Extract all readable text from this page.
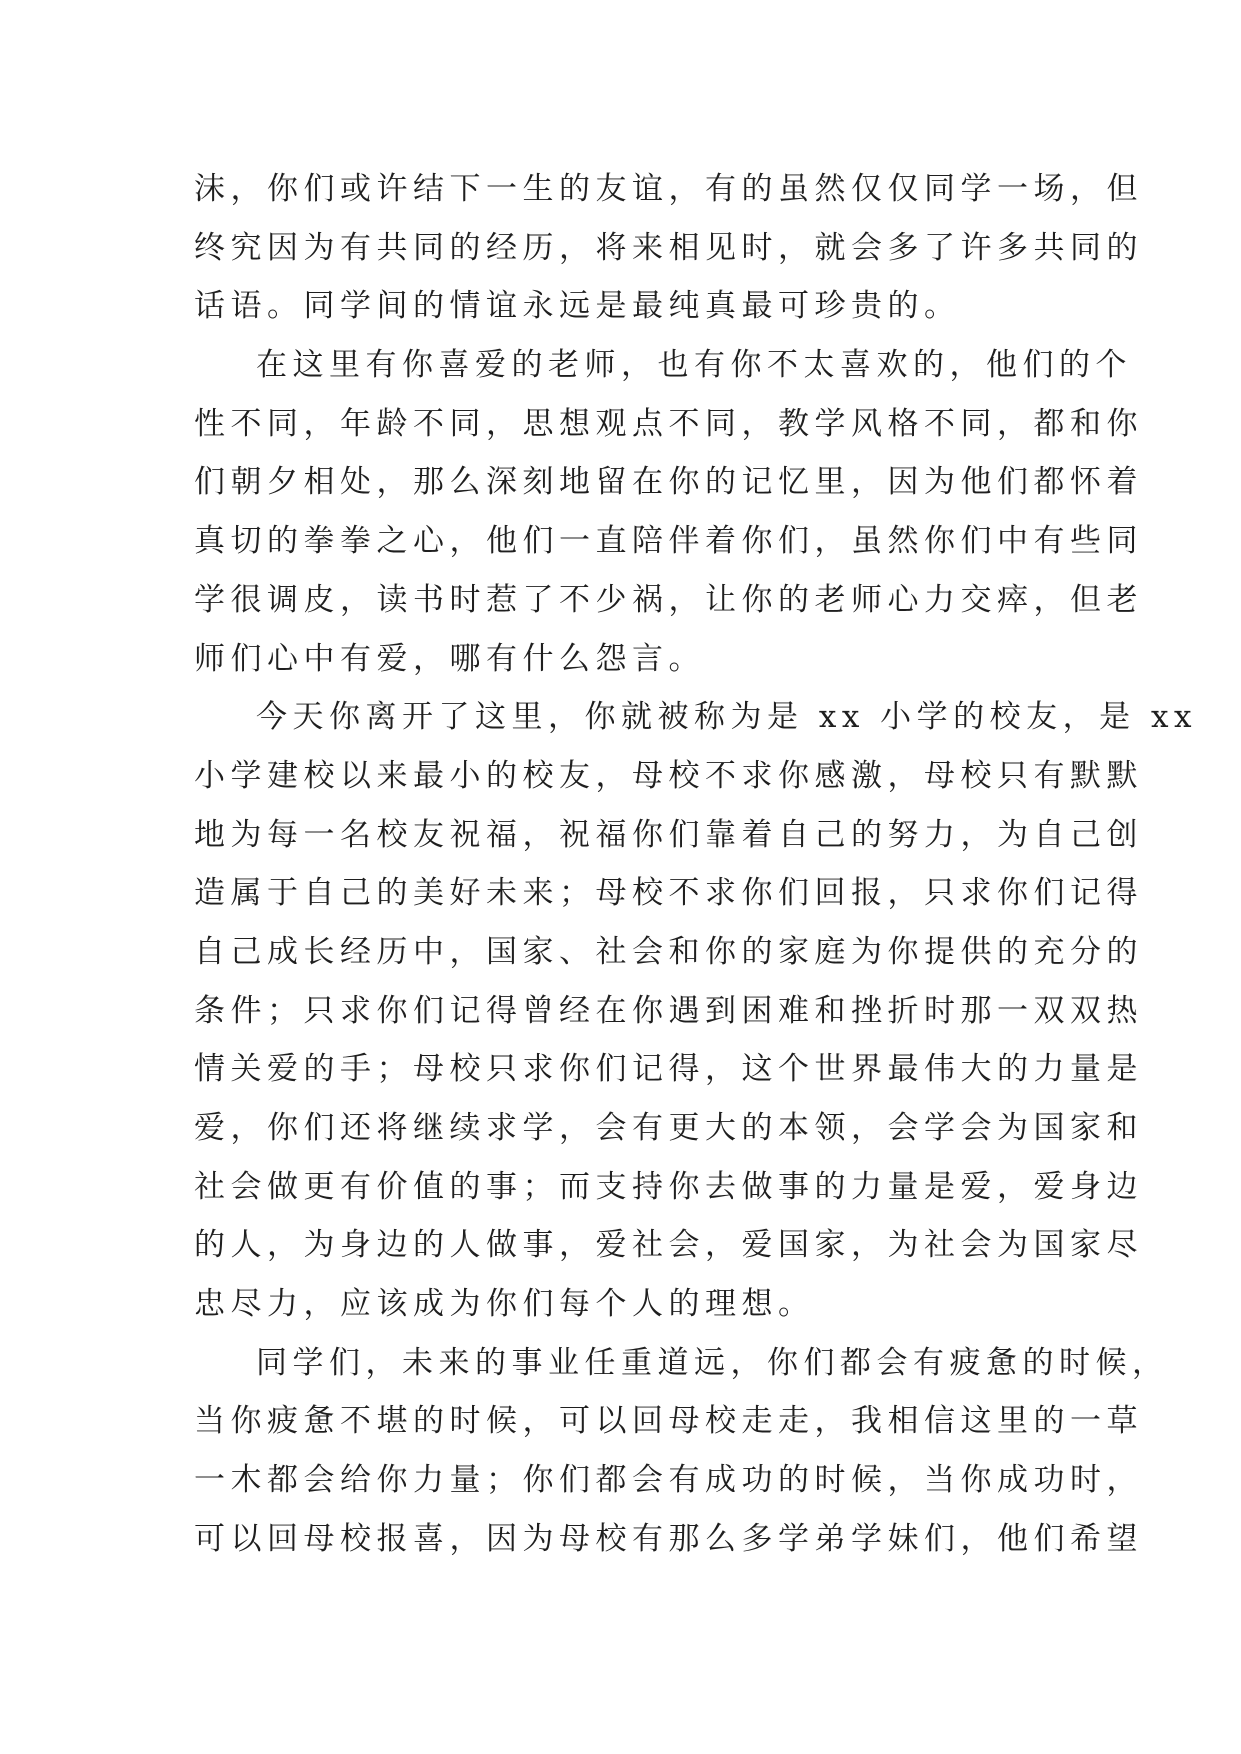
沫，你们或许结下一生的友谊，有的虽然仅仅同学一场，但
终究因为有共同的经历，将来相见时，就会多了许多共同的
话语。同学间的情谊永远是最纯真最可珍贵的。
在这里有你喜爱的老师，也有你不太喜欢的，他们的个
性不同，年龄不同，思想观点不同，教学风格不同，都和你
们朝夕相处，那么深刻地留在你的记忆里，因为他们都怀着
真切的拳拳之心，他们一直陪伴着你们，虽然你们中有些同
学很调皮，读书时惹了不少祸，让你的老师心力交瘁，但老
师们心中有爱，哪有什么怨言。
今天你离开了这里，你就被称为是 xx 小学的校友，是 xx
小学建校以来最小的校友，母校不求你感激，母校只有默默
地为每一名校友祝福，祝福你们靠着自己的努力，为自己创
造属于自己的美好未来；母校不求你们回报，只求你们记得
自己成长经历中，国家、社会和你的家庭为你提供的充分的
条件；只求你们记得曾经在你遇到困难和挫折时那一双双热
情关爱的手；母校只求你们记得，这个世界最伟大的力量是
爱，你们还将继续求学，会有更大的本领，会学会为国家和
社会做更有价值的事；而支持你去做事的力量是爱，爱身边
的人，为身边的人做事，爱社会，爱国家，为社会为国家尽
忠尽力，应该成为你们每个人的理想。
同学们，未来的事业任重道远，你们都会有疲惫的时候，
当你疲惫不堪的时候，可以回母校走走，我相信这里的一草
一木都会给你力量；你们都会有成功的时候，当你成功时，
可以回母校报喜，因为母校有那么多学弟学妹们，他们希望
